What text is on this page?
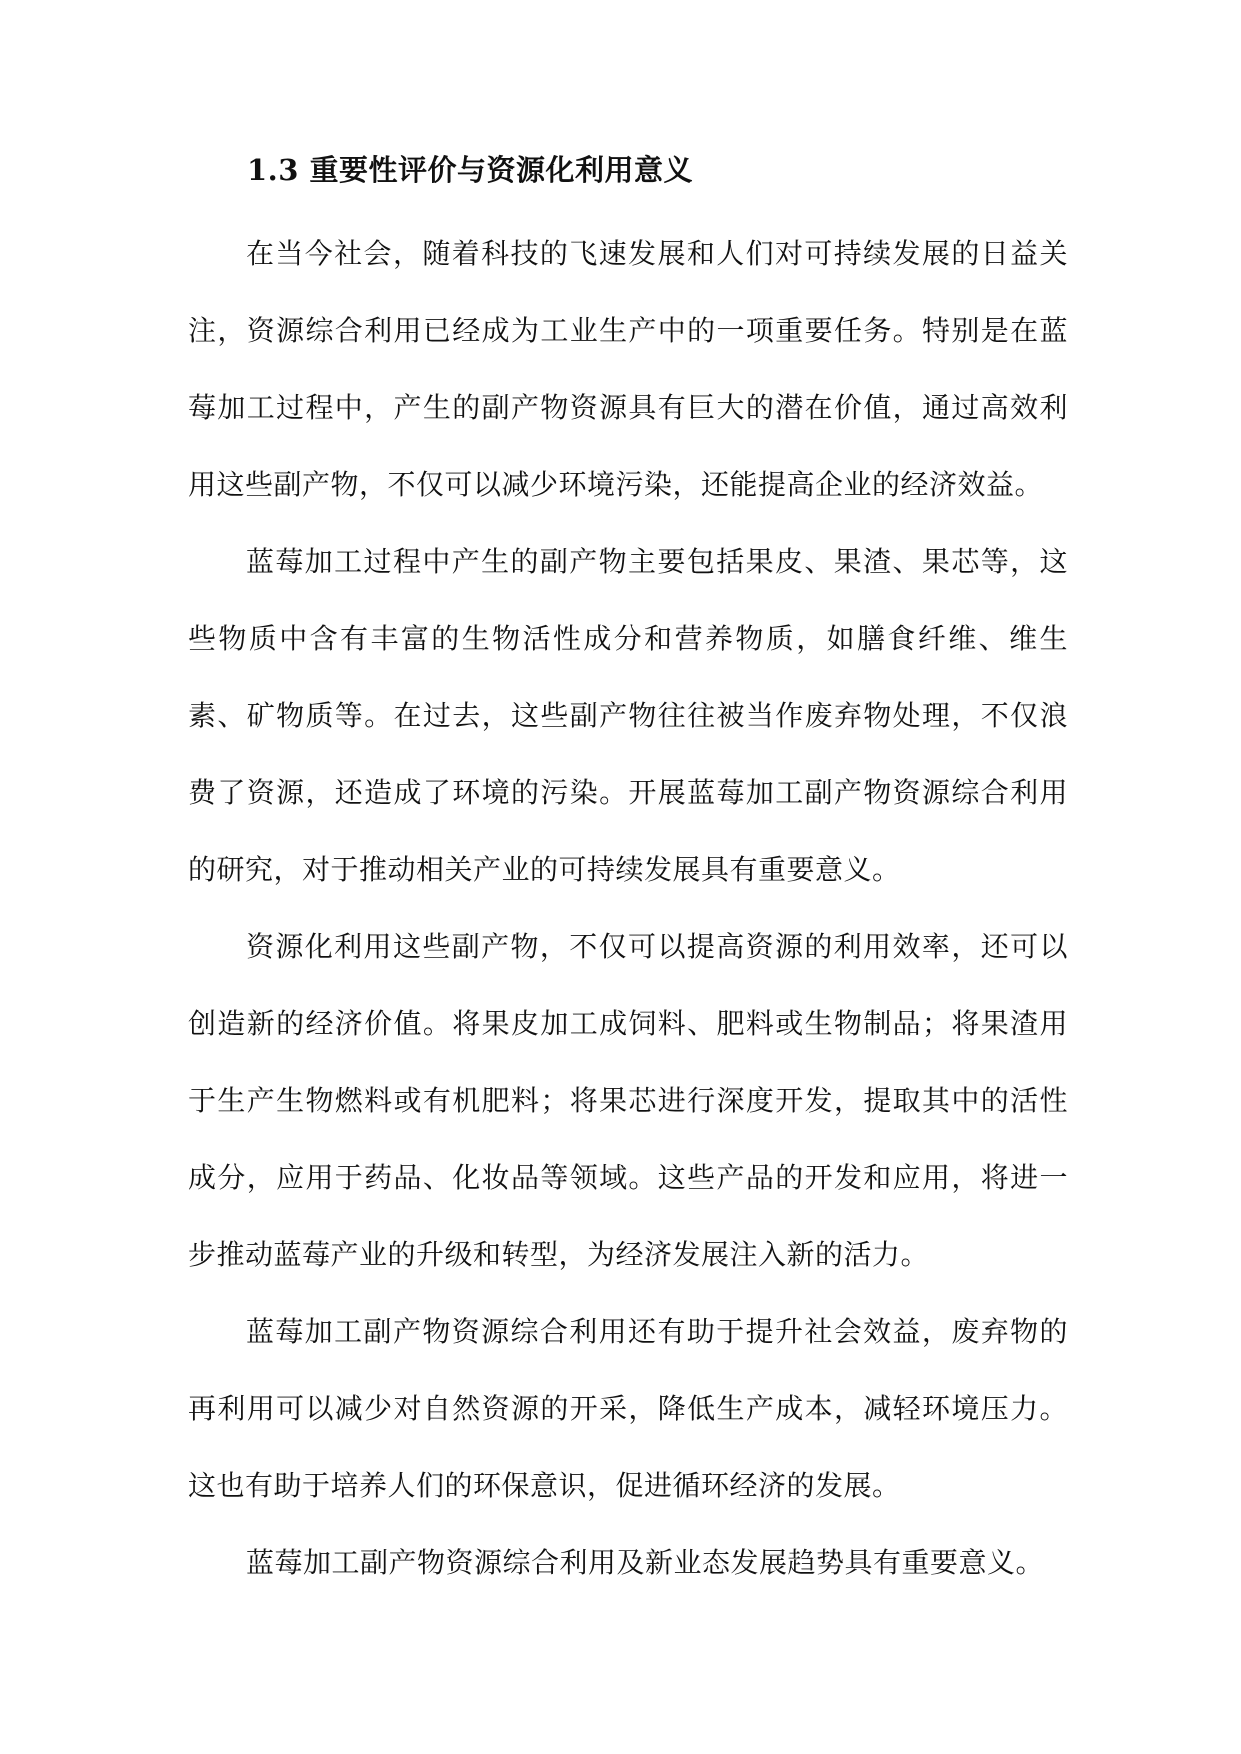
1.3 重要性评价与资源化利用意义

在当今社会，随着科技的飞速发展和人们对可持续发展的日益关注，资源综合利用已经成为工业生产中的一项重要任务。特别是在蓝莓加工过程中，产生的副产物资源具有巨大的潜在价值，通过高效利用这些副产物，不仅可以减少环境污染，还能提高企业的经济效益。

蓝莓加工过程中产生的副产物主要包括果皮、果渣、果芯等，这些物质中含有丰富的生物活性成分和营养物质，如膳食纤维、维生素、矿物质等。在过去，这些副产物往往被当作废弃物处理，不仅浪费了资源，还造成了环境的污染。开展蓝莓加工副产物资源综合利用的研究，对于推动相关产业的可持续发展具有重要意义。

资源化利用这些副产物，不仅可以提高资源的利用效率，还可以创造新的经济价值。将果皮加工成饲料、肥料或生物制品；将果渣用于生产生物燃料或有机肥料；将果芯进行深度开发，提取其中的活性成分，应用于药品、化妆品等领域。这些产品的开发和应用，将进一步推动蓝莓产业的升级和转型，为经济发展注入新的活力。

蓝莓加工副产物资源综合利用还有助于提升社会效益，废弃物的再利用可以减少对自然资源的开采，降低生产成本，减轻环境压力。这也有助于培养人们的环保意识，促进循环经济的发展。

蓝莓加工副产物资源综合利用及新业态发展趋势具有重要意义。
